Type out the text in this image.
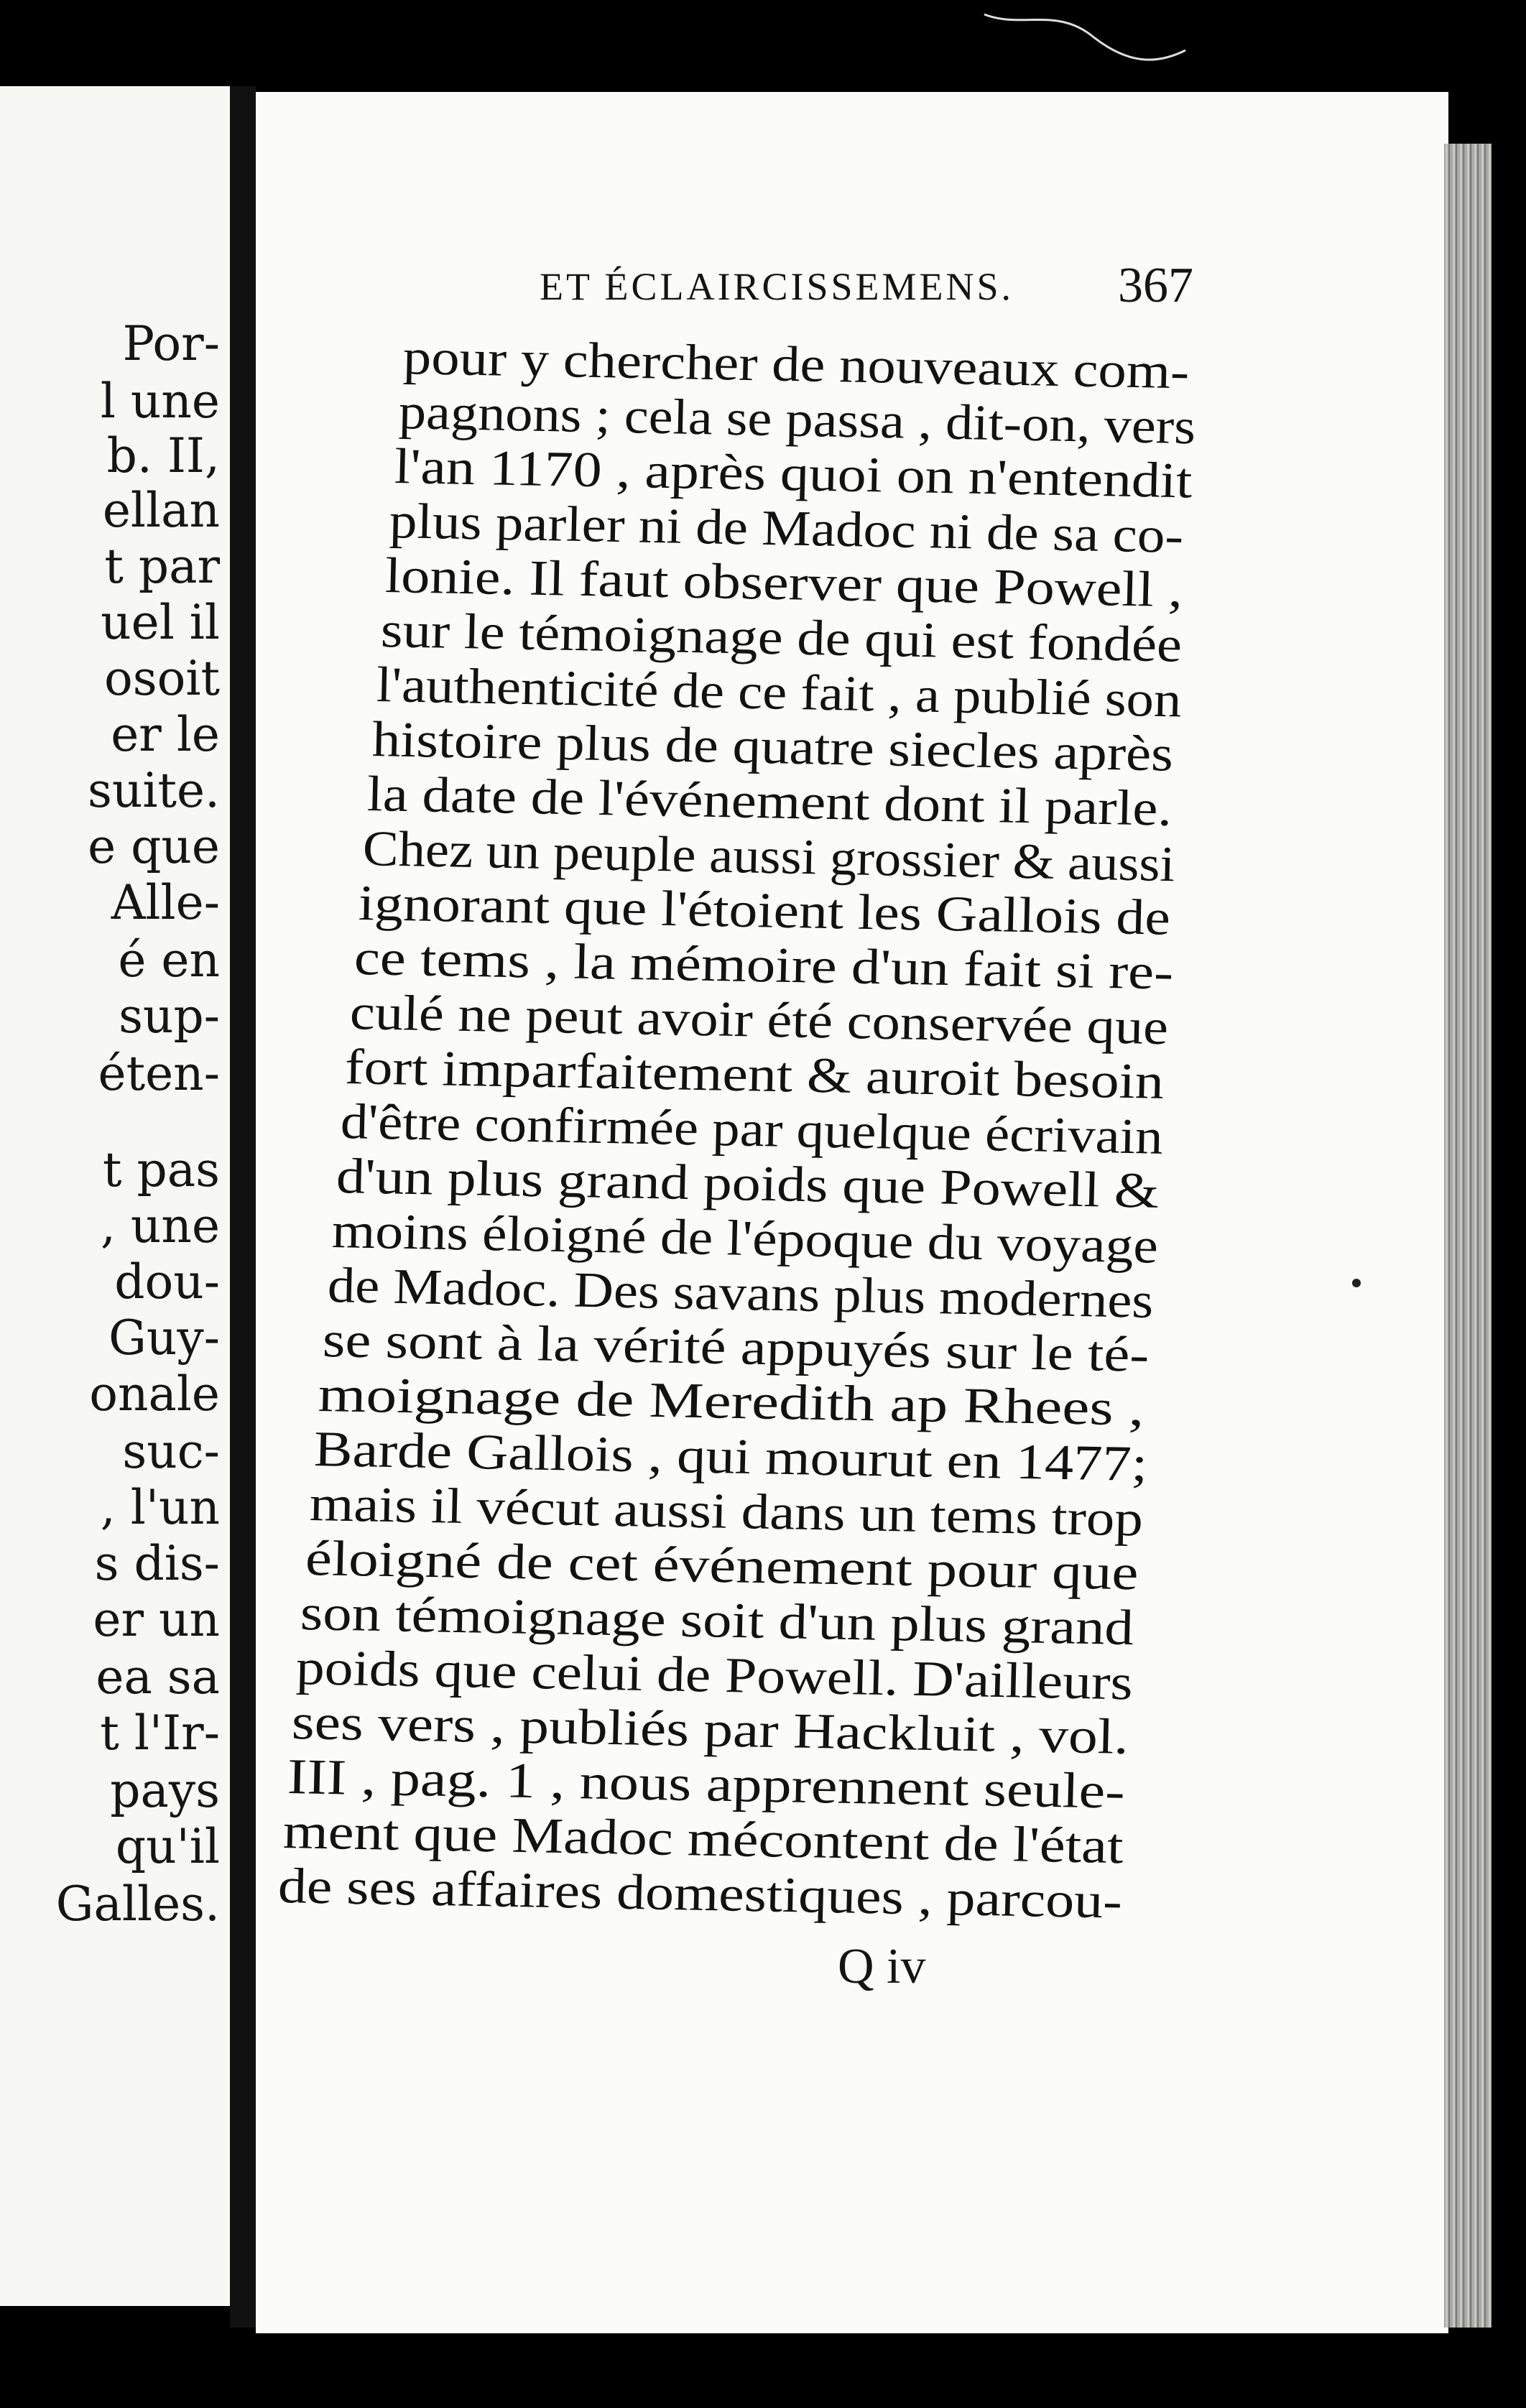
Por-
l une
b. II,
ellan
t par
uel il
osoit
er le
suite.
e que
Alle-
é en
sup-
éten-
t pas
, une
dou-
Guy-
onale
suc-
, l'un
s dis-
er un
ea sa
t l'Ir-
pays
qu'il
Galles.
ET ÉCLAIRCISSEMENS.	367
pour y chercher de nouveaux com-
pagnons ; cela se passa , dit-on, vers
l'an 1170 , après quoi on n'entendit
plus parler ni de Madoc ni de sa co-
lonie. Il faut observer que Powell ,
sur le témoignage de qui est fondée
l'authenticité de ce fait , a publié son
histoire plus de quatre siecles après
la date de l'événement dont il parle.
Chez un peuple aussi grossier & aussi
ignorant que l'étoient les Gallois de
ce tems , la mémoire d'un fait si re-
culé ne peut avoir été conservée que
fort imparfaitement & auroit besoin
d'être confirmée par quelque écrivain
d'un plus grand poids que Powell &
moins éloigné de l'époque du voyage
de Madoc. Des savans plus modernes
se sont à la vérité appuyés sur le té-
moignage de Meredith ap Rhees ,
Barde Gallois , qui mourut en 1477;
mais il vécut aussi dans un tems trop
éloigné de cet événement pour que
son témoignage soit d'un plus grand
poids que celui de Powell. D'ailleurs
ses vers , publiés par Hackluit , vol.
III , pag. 1 , nous apprennent seule-
ment que Madoc mécontent de l'état
de ses affaires domestiques , parcou-
Q iv
